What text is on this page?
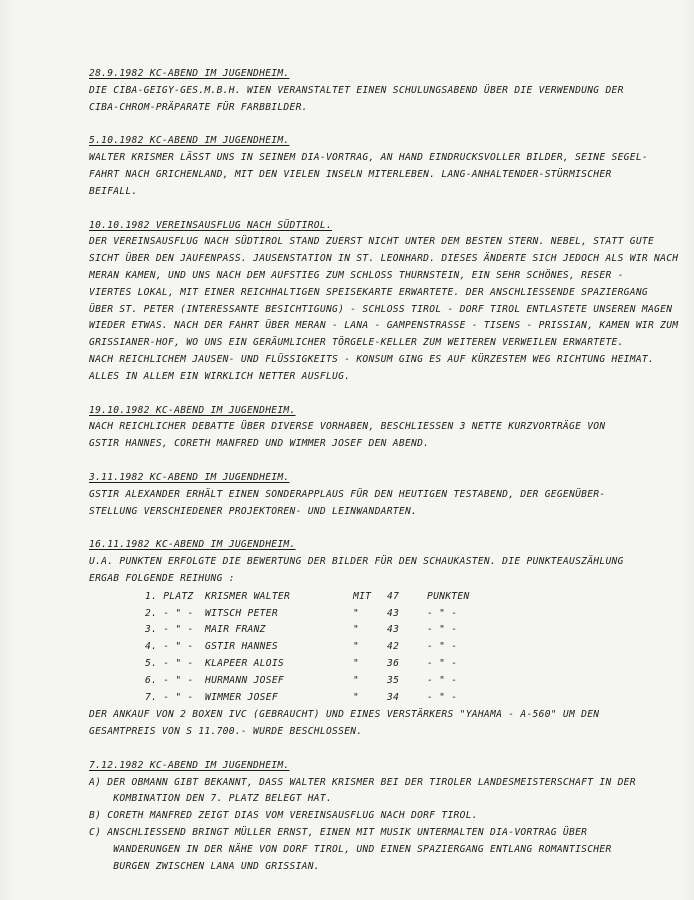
28.9.1982 KC-ABEND IM JUGENDHEIM.
DIE CIBA-GEIGY-GES.M.B.H. WIEN VERANSTALTET EINEN SCHULUNGSABEND ÜBER DIE VERWENDUNG DER
CIBA-CHROM-PRÄPARATE FÜR FARBBILDER.
5.10.1982 KC-ABEND IM JUGENDHEIM.
WALTER KRISMER LÄSST UNS IN SEINEM DIA-VORTRAG, AN HAND EINDRUCKSVOLLER BILDER, SEINE SEGEL-
FAHRT NACH GRICHENLAND, MIT DEN VIELEN INSELN MITERLEBEN. LANG-ANHALTENDER-STÜRMISCHER
BEIFALL.
10.10.1982 VEREINSAUSFLUG NACH SÜDTIROL.
DER VEREINSAUSFLUG NACH SÜDTIROL STAND ZUERST NICHT UNTER DEM BESTEN STERN. NEBEL, STATT GUTE
SICHT ÜBER DEN JAUFENPASS. JAUSENSTATION IN ST. LEONHARD. DIESES ÄNDERTE SICH JEDOCH ALS WIR NACH
MERAN KAMEN, UND UNS NACH DEM AUFSTIEG ZUM SCHLOSS THURNSTEIN, EIN SEHR SCHÖNES, RESER -
VIERTES LOKAL, MIT EINER REICHHALTIGEN SPEISEKARTE ERWARTETE. DER ANSCHLIESSENDE SPAZIERGANG
ÜBER ST. PETER (INTERESSANTE BESICHTIGUNG) - SCHLOSS TIROL - DORF TIROL ENTLASTETE UNSEREN MAGEN
WIEDER ETWAS. NACH DER FAHRT ÜBER MERAN - LANA - GAMPENSTRASSE - TISENS - PRISSIAN, KAMEN WIR ZUM
GRISSIANER-HOF, WO UNS EIN GERÄUMLICHER TÖRGELE-KELLER ZUM WEITEREN VERWEILEN ERWARTETE.
NACH REICHLICHEM JAUSEN- UND FLÜSSIGKEITS - KONSUM GING ES AUF KÜRZESTEM WEG RICHTUNG HEIMAT.
ALLES IN ALLEM EIN WIRKLICH NETTER AUSFLUG.
19.10.1982 KC-ABEND IM JUGENDHEIM.
NACH REICHLICHER DEBATTE ÜBER DIVERSE VORHABEN, BESCHLIESSEN 3 NETTE KURZVORTRÄGE VON
GSTIR HANNES, CORETH MANFRED UND WIMMER JOSEF DEN ABEND.
3.11.1982 KC-ABEND IM JUGENDHEIM.
GSTIR ALEXANDER ERHÄLT EINEN SONDERAPPLAUS FÜR DEN HEUTIGEN TESTABEND, DER GEGENÜBER-
STELLUNG VERSCHIEDENER PROJEKTOREN- UND LEINWANDARTEN.
16.11.1982 KC-ABEND IM JUGENDHEIM.
U.A. PUNKTEN ERFOLGTE DIE BEWERTUNG DER BILDER FÜR DEN SCHAUKASTEN. DIE PUNKTEAUSZÄHLUNG
ERGAB FOLGENDE REIHUNG :
1. PLATZ	KRISMER WALTER	MIT	47	PUNKTEN
2. - " -	WITSCH PETER	"	43	- " -
3. - " -	MAIR FRANZ	"	43	- " -
4. - " -	GSTIR HANNES	"	42	- " -
5. - " -	KLAPEER ALOIS	"	36	- " -
6. - " -	HURMANN JOSEF	"	35	- " -
7. - " -	WIMMER JOSEF	"	34	- " -
DER ANKAUF VON 2 BOXEN IVC (GEBRAUCHT) UND EINES VERSTÄRKERS "YAHAMA - A-560" UM DEN
GESAMTPREIS VON S 11.700.- WURDE BESCHLOSSEN.
7.12.1982 KC-ABEND IM JUGENDHEIM.
A) DER OBMANN GIBT BEKANNT, DASS WALTER KRISMER BEI DER TIROLER LANDESMEISTERSCHAFT IN DER
KOMBINATION DEN 7. PLATZ BELEGT HAT.
B) CORETH MANFRED ZEIGT DIAS VOM VEREINSAUSFLUG NACH DORF TIROL.
C) ANSCHLIESSEND BRINGT MÜLLER ERNST, EINEN MIT MUSIK UNTERMALTEN DIA-VORTRAG ÜBER
WANDERUNGEN IN DER NÄHE VON DORF TIROL, UND EINEN SPAZIERGANG ENTLANG ROMANTISCHER
BURGEN ZWISCHEN LANA UND GRISSIAN.
